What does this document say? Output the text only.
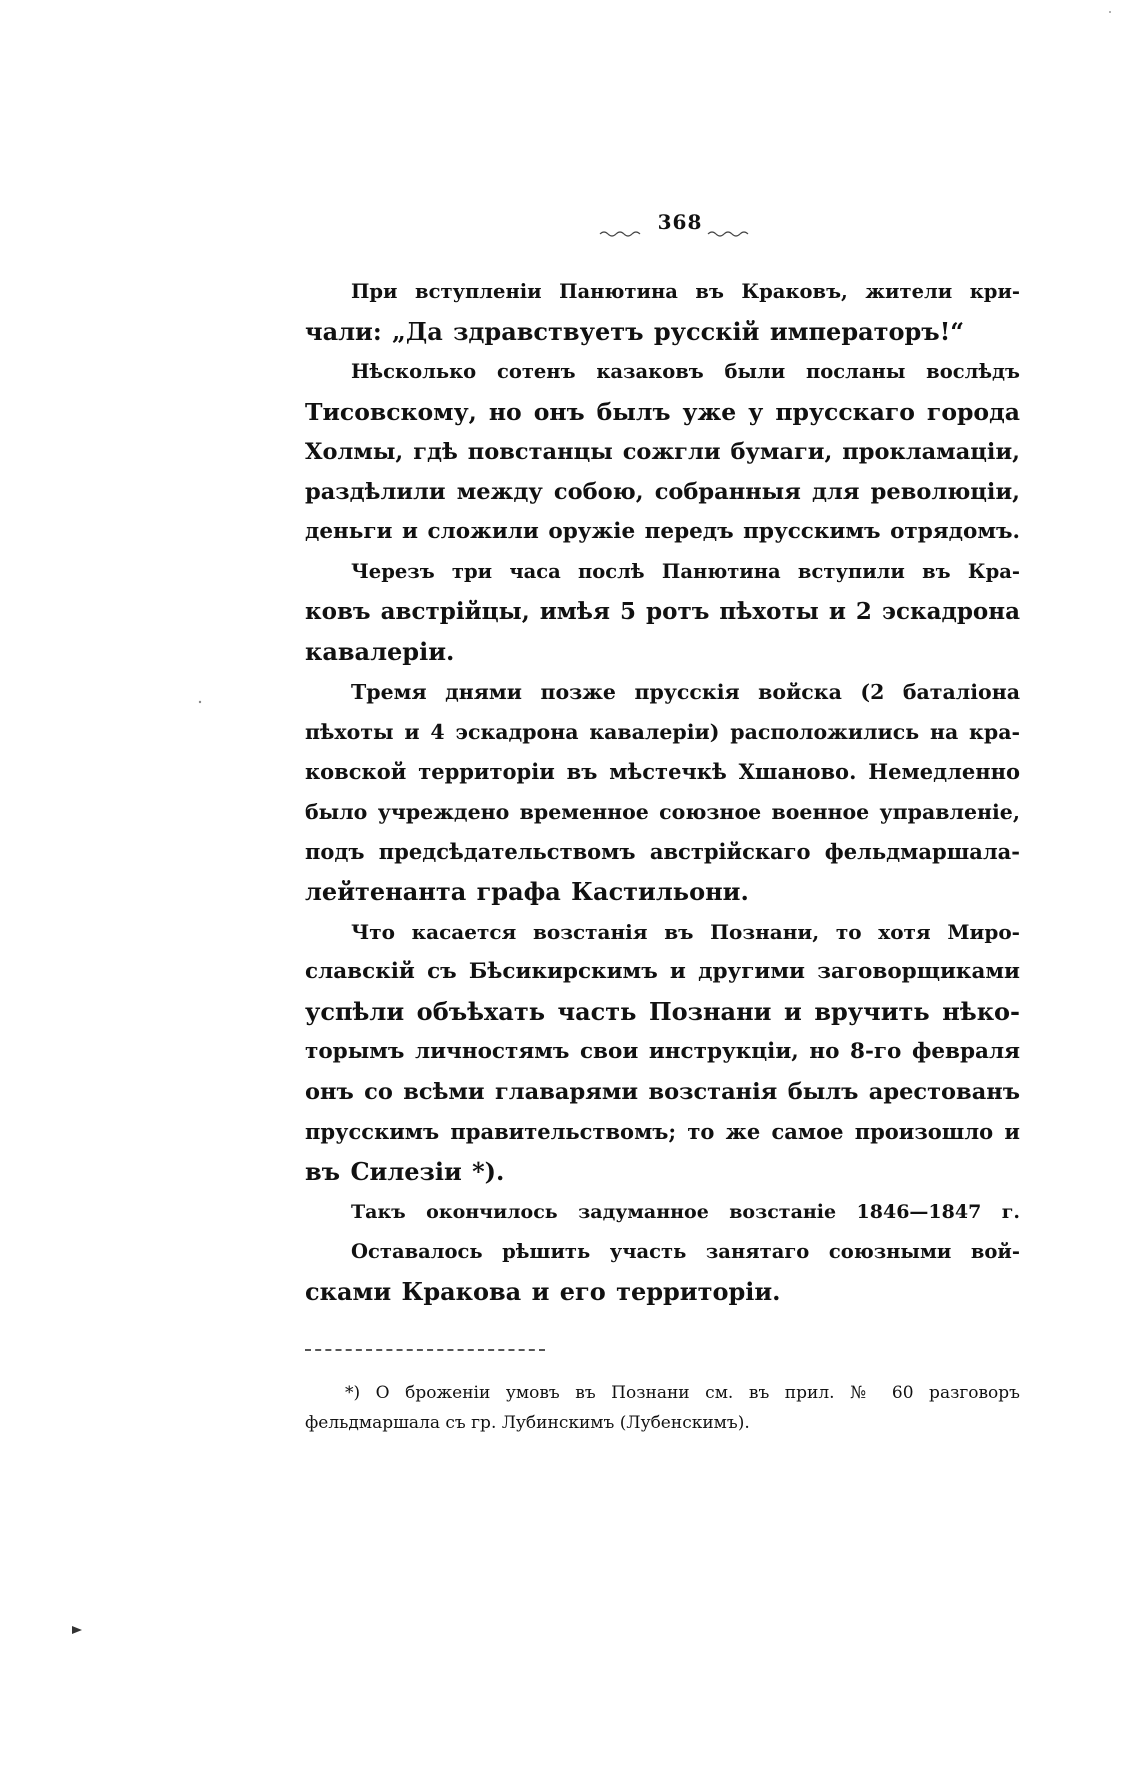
368

При вступленіи Панютина въ Краковъ, жители кри-
чали: „Да здравствуетъ русскій императоръ!“

Нѣсколько сотенъ казаковъ были посланы вослѣдъ
Тисовскому, но онъ былъ уже у прусскаго города
Холмы, гдѣ повстанцы сожгли бумаги, прокламаціи,
раздѣлили между собою, собранныя для революціи,
деньги и сложили оружіе передъ прусскимъ отрядомъ.

Черезъ три часа послѣ Панютина вступили въ Кра-
ковъ австрійцы, имѣя 5 ротъ пѣхоты и 2 эскадрона
кавалеріи.

Тремя днями позже прусскія войска (2 баталіона
пѣхоты и 4 эскадрона кавалеріи) расположились на кра-
ковской территоріи въ мѣстечкѣ Хшаново. Немедленно
было учреждено временное союзное военное управленіе,
подъ предсѣдательствомъ австрійскаго фельдмаршала-
лейтенанта графа Кастильони.

Что касается возстанія въ Познани, то хотя Миро-
славскій съ Бѣсикирскимъ и другими заговорщиками
успѣли объѣхать часть Познани и вручить нѣко-
торымъ личностямъ свои инструкціи, но 8-го февраля
онъ со всѣми главарями возстанія былъ арестованъ
прусскимъ правительствомъ; то же самое произошло и
въ Силезіи *).

Такъ окончилось задуманное возстаніе 1846—1847 г.

Оставалось рѣшить участь занятаго союзными вой-
сками Кракова и его территоріи.

*) О броженіи умовъ въ Познани см. въ прил. № 60 разговоръ
фельдмаршала съ гр. Лубинскимъ (Лубенскимъ).
